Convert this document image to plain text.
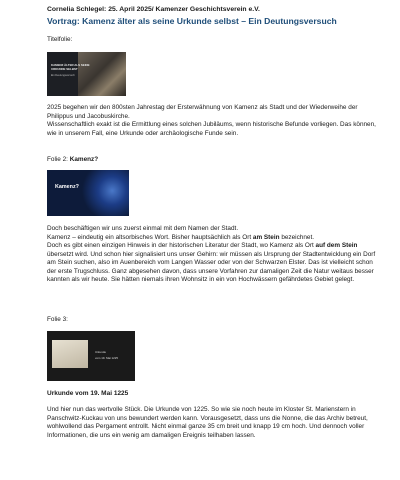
Cornelia Schlegel: 25. April 2025/ Kamenzer Geschichtsverein e.V.
Vortrag: Kamenz älter als seine Urkunde selbst – Ein Deutungsversuch
Titelfolie:
KAMENZ ÄLTER ALS SEINE URKUNDE SELBST
Ein Deutungsversuch
2025 begehen wir den 800sten Jahrestag der Ersterwähnung von Kamenz als Stadt und der Wiederweihe der Philippus und Jacobuskirche.
Wissenschaftlich exakt ist die Ermittlung eines solchen Jubiläums, wenn historische Befunde vorliegen. Das können, wie in unserem Fall, eine Urkunde oder archäologische Funde sein.
Folie 2: Kamenz?
Kamenz?
Doch beschäftigen wir uns zuerst einmal mit dem Namen der Stadt.
Kamenz – eindeutig ein altsorbisches Wort. Bisher hauptsächlich als Ort am Stein bezeichnet.
Doch es gibt einen einzigen Hinweis in der historischen Literatur der Stadt, wo Kamenz als Ort auf dem Stein übersetzt wird. Und schon hier signalisiert uns unser Gehirn: wir müssen als Ursprung der Stadtentwicklung ein Dorf am Stein suchen, also im Auenbereich vom Langen Wasser oder von der Schwarzen Elster. Das ist vielleicht schon der erste Trugschluss. Ganz abgesehen davon, dass unsere Vorfahren zur damaligen Zeit die Natur weitaus besser kannten als wir heute. Sie hätten niemals ihren Wohnsitz in ein von Hochwässern gefährdetes Gebiet gelegt.
Folie 3:
Urkunde
vom 19. Mai 1225
Urkunde vom 19. Mai 1225
Und hier nun das wertvolle Stück. Die Urkunde von 1225. So wie sie noch heute im Kloster St. Marienstern in Panschwitz-Kuckau von uns bewundert werden kann. Vorausgesetzt, dass uns die Nonne, die das Archiv betreut, wohlwollend das Pergament entrollt. Nicht einmal ganze 35 cm breit und knapp 19 cm hoch. Und dennoch voller Informationen, die uns ein wenig am damaligen Ereignis teilhaben lassen.
